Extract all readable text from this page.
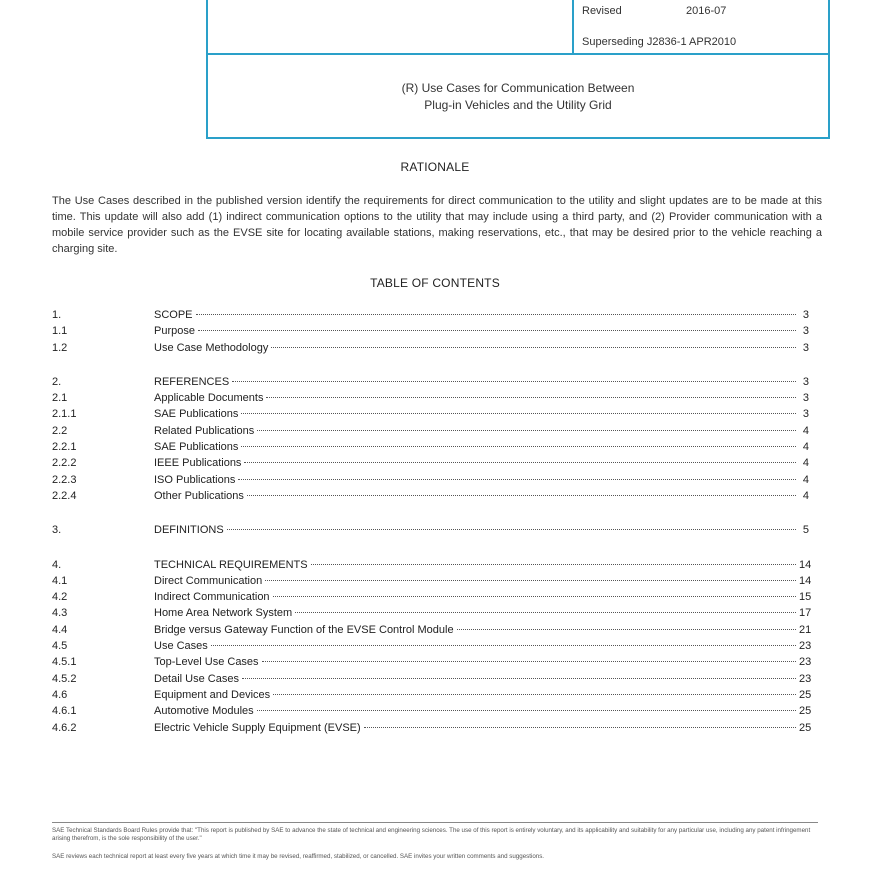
Revised	2016-07
Superseding J2836-1 APR2010
(R) Use Cases for Communication Between
Plug-in Vehicles and the Utility Grid
RATIONALE

The Use Cases described in the published version identify the requirements for direct communication to the utility and slight updates are to be made at this time. This update will also add (1) indirect communication options to the utility that may include using a third party, and (2) Provider communication with a mobile service provider such as the EVSE site for locating available stations, making reservations, etc., that may be desired prior to the vehicle reaching a charging site.

TABLE OF CONTENTS
1.	SCOPE	3
1.1	Purpose	3
1.2	Use Case Methodology	3
2.	REFERENCES	3
2.1	Applicable Documents	3
2.1.1	SAE Publications	3
2.2	Related Publications	4
2.2.1	SAE Publications	4
2.2.2	IEEE Publications	4
2.2.3	ISO Publications	4
2.2.4	Other Publications	4
3.	DEFINITIONS	5
4.	TECHNICAL REQUIREMENTS	14
4.1	Direct Communication	14
4.2	Indirect Communication	15
4.3	Home Area Network System	17
4.4	Bridge versus Gateway Function of the EVSE Control Module	21
4.5	Use Cases	23
4.5.1	Top-Level Use Cases	23
4.5.2	Detail Use Cases	23
4.6	Equipment and Devices	25
4.6.1	Automotive Modules	25
4.6.2	Electric Vehicle Supply Equipment (EVSE)	25

SAE Technical Standards Board Rules provide that: "This report is published by SAE to advance the state of technical and engineering sciences. The use of this report is entirely voluntary, and its applicability and suitability for any particular use, including any patent infringement arising therefrom, is the sole responsibility of the user."

SAE reviews each technical report at least every five years at which time it may be revised, reaffirmed, stabilized, or cancelled. SAE invites your written comments and suggestions.
